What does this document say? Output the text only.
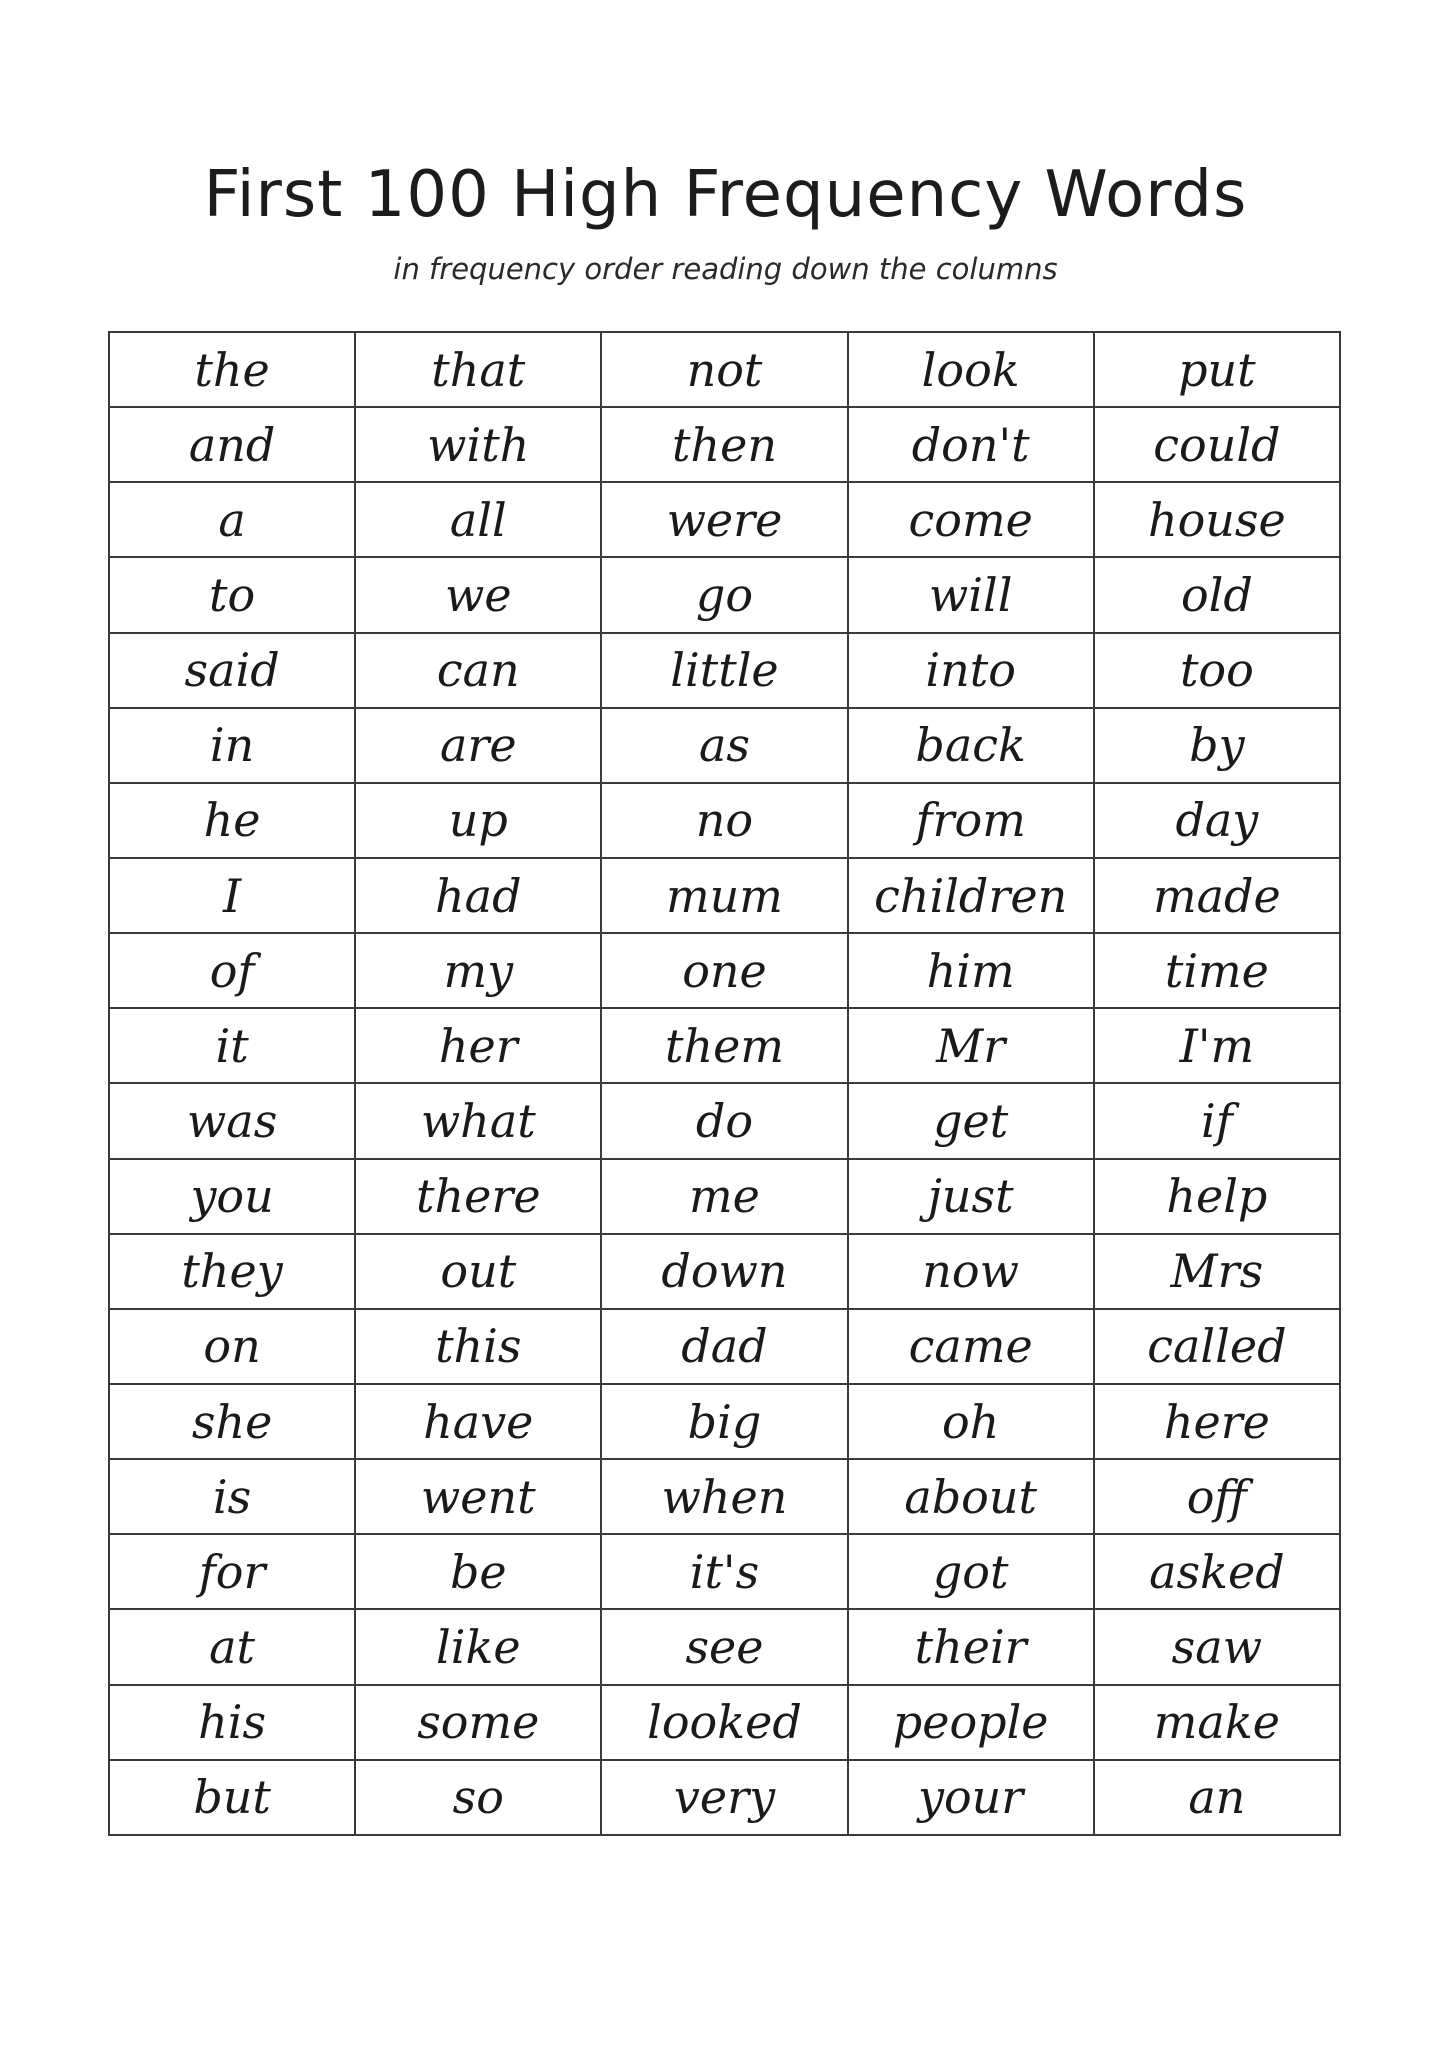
First 100 High Frequency Words

in frequency order reading down the columns

the	that	not	look	put
and	with	then	don't	could
a	all	were	come	house
to	we	go	will	old
said	can	little	into	too
in	are	as	back	by
he	up	no	from	day
I	had	mum	children	made
of	my	one	him	time
it	her	them	Mr	I'm
was	what	do	get	if
you	there	me	just	help
they	out	down	now	Mrs
on	this	dad	came	called
she	have	big	oh	here
is	went	when	about	off
for	be	it's	got	asked
at	like	see	their	saw
his	some	looked	people	make
but	so	very	your	an
